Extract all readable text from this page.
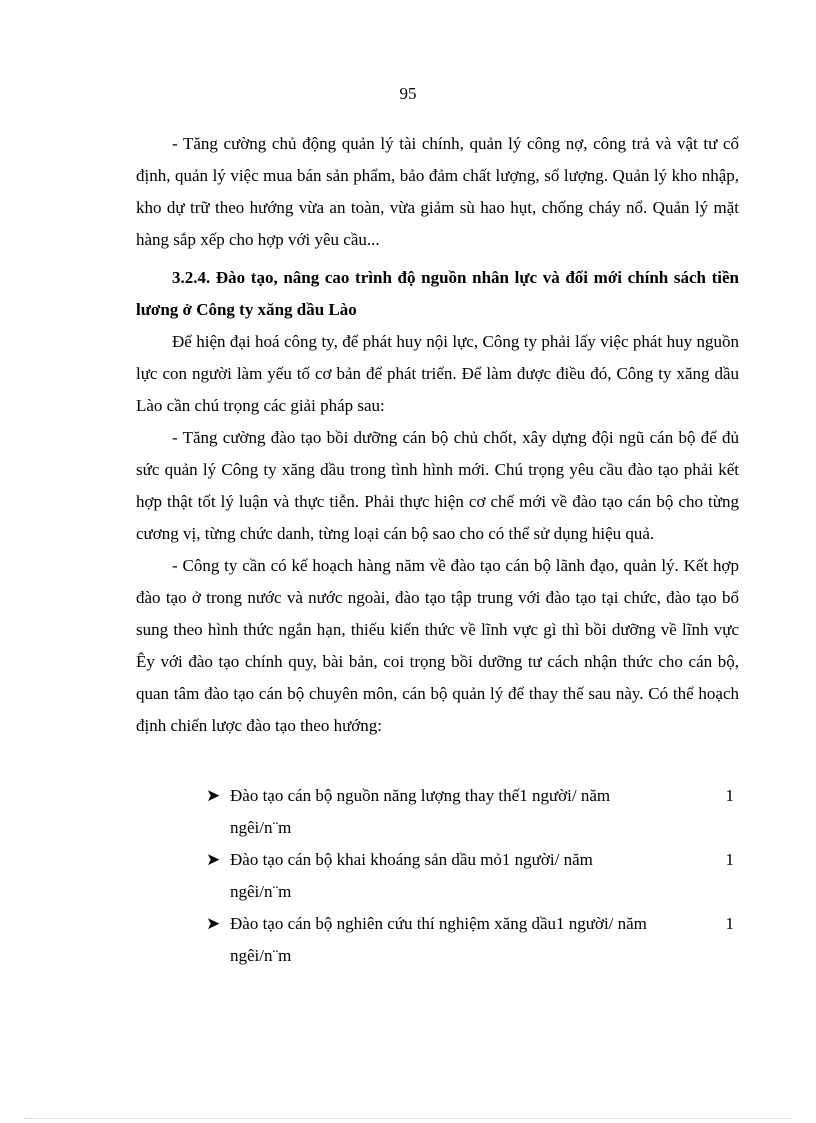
95

- Tăng cường chủ động quản lý tài chính, quản lý công nợ, công trả và vật tư cố định, quản lý việc mua bán sản phẩm, bảo đảm chất lượng, số lượng. Quản lý kho nhập, kho dự trữ theo hướng vừa an toàn, vừa giảm sù hao hụt, chống cháy nổ. Quản lý mặt hàng sắp xếp cho hợp với yêu cầu...

3.2.4. Đào tạo, nâng cao trình độ nguồn nhân lực và đổi mới chính sách tiền lương ở Công ty xăng dầu Lào

Để hiện đại hoá công ty, để phát huy nội lực, Công ty phải lấy việc phát huy nguồn lực con người làm yếu tố cơ bản để phát triển. Để làm được điều đó, Công ty xăng dầu Lào cần chú trọng các giải pháp sau:

- Tăng cường đào tạo bồi dưỡng cán bộ chủ chốt, xây dựng đội ngũ cán bộ để đủ sức quản lý Công ty xăng dầu trong tình hình mới. Chú trọng yêu cầu đào tạo phải kết hợp thật tốt lý luận và thực tiễn. Phải thực hiện cơ chế mới về đào tạo cán bộ cho từng cương vị, từng chức danh, từng loại cán bộ sao cho có thể sử dụng hiệu quả.

- Công ty cần có kế hoạch hàng năm về đào tạo cán bộ lãnh đạo, quản lý. Kết hợp đào tạo ở trong nước và nước ngoài, đào tạo tập trung với đào tạo tại chức, đào tạo bổ sung theo hình thức ngắn hạn, thiếu kiến thức về lĩnh vực gì thì bồi dưỡng về lĩnh vực Êy với đào tạo chính quy, bài bản, coi trọng bồi dưỡng tư cách nhận thức cho cán bộ, quan tâm đào tạo cán bộ chuyên môn, cán bộ quản lý để thay thế sau này. Có thể hoạch định chiến lược đào tạo theo hướng:

➤ Đào tạo cán bộ nguồn năng lượng thay thế1 người/ năm	1
ngêi/n¨m
➤ Đào tạo cán bộ khai khoáng sản dầu mỏ1 người/ năm	1
ngêi/n¨m
➤ Đào tạo cán bộ nghiên cứu thí nghiệm xăng dầu1 người/ năm	1
ngêi/n¨m
